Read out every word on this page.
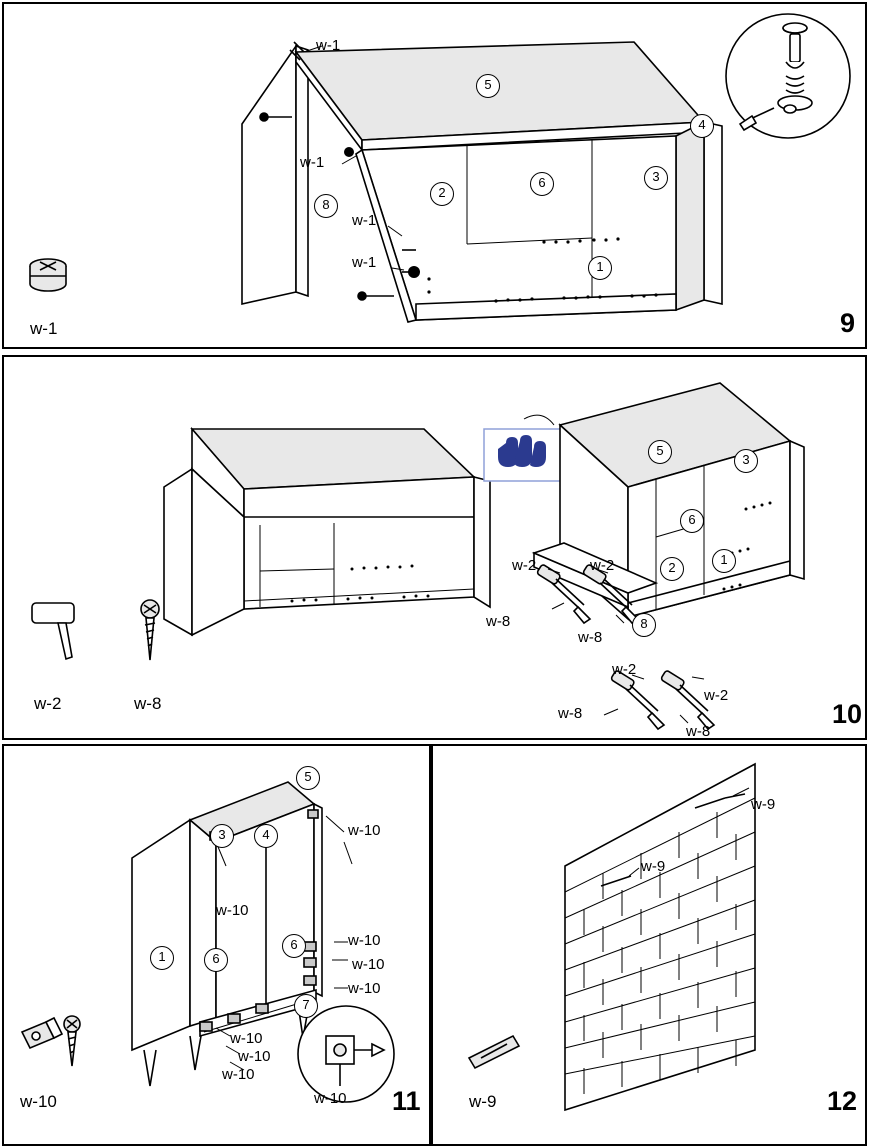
5
4
3
6
2
8
1
w-1
w-1
w-1
w-1
w-1	9
5
3
6
1
2
8
w-2	w-2
w-2
w-2
w-8
w-8
w-8
w-8
w-2	w-8	10
5
3	4
1	6
6
7
w-10
w-10
w-10
w-10
w-10
w-10
w-10
w-10
w-10
w-10	11
w-9
w-9
w-9	12
